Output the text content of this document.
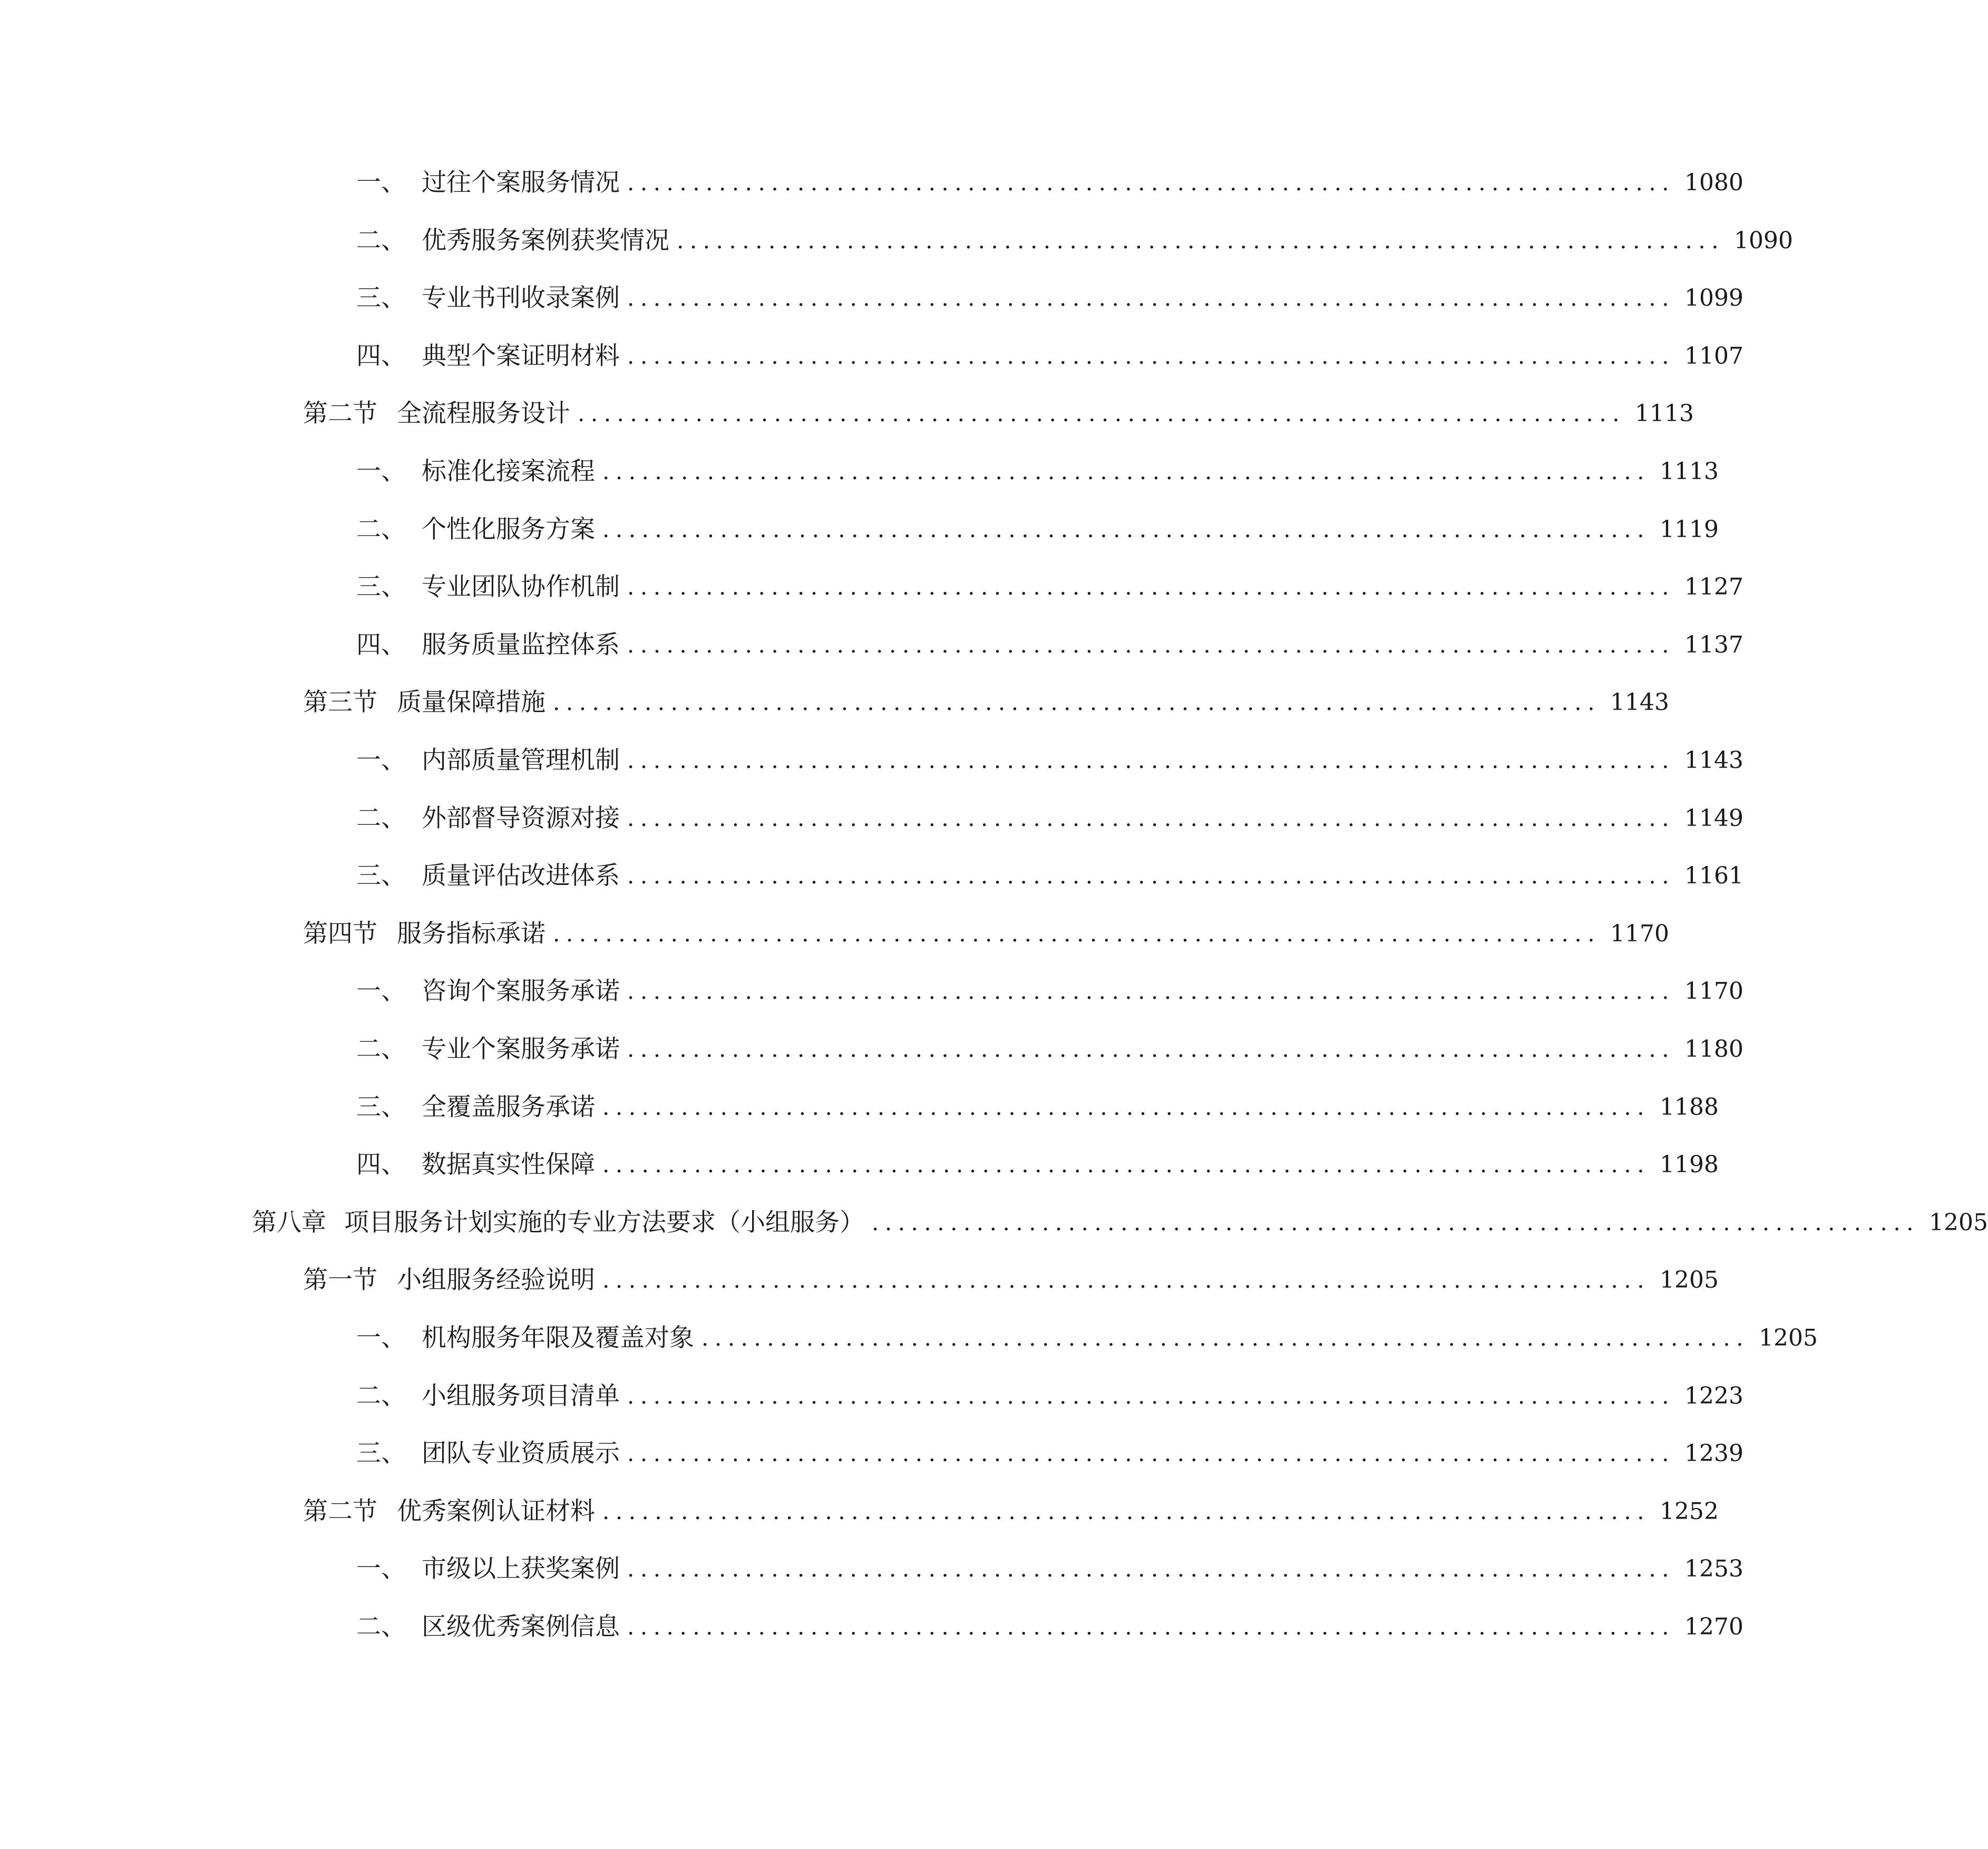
一、 过往个案服务情况 ................................................................................ 1080
二、 优秀服务案例获奖情况 ................................................................................ 1090
三、 专业书刊收录案例 ................................................................................ 1099
四、 典型个案证明材料 ................................................................................ 1107
第二节 全流程服务设计 ................................................................................ 1113
一、 标准化接案流程 ................................................................................ 1113
二、 个性化服务方案 ................................................................................ 1119
三、 专业团队协作机制 ................................................................................ 1127
四、 服务质量监控体系 ................................................................................ 1137
第三节 质量保障措施 ................................................................................ 1143
一、 内部质量管理机制 ................................................................................ 1143
二、 外部督导资源对接 ................................................................................ 1149
三、 质量评估改进体系 ................................................................................ 1161
第四节 服务指标承诺 ................................................................................ 1170
一、 咨询个案服务承诺 ................................................................................ 1170
二、 专业个案服务承诺 ................................................................................ 1180
三、 全覆盖服务承诺 ................................................................................ 1188
四、 数据真实性保障 ................................................................................ 1198
第八章 项目服务计划实施的专业方法要求（小组服务） ................................................................................ 1205
第一节 小组服务经验说明 ................................................................................ 1205
一、 机构服务年限及覆盖对象 ................................................................................ 1205
二、 小组服务项目清单 ................................................................................ 1223
三、 团队专业资质展示 ................................................................................ 1239
第二节 优秀案例认证材料 ................................................................................ 1252
一、 市级以上获奖案例 ................................................................................ 1253
二、 区级优秀案例信息 ................................................................................ 1270
